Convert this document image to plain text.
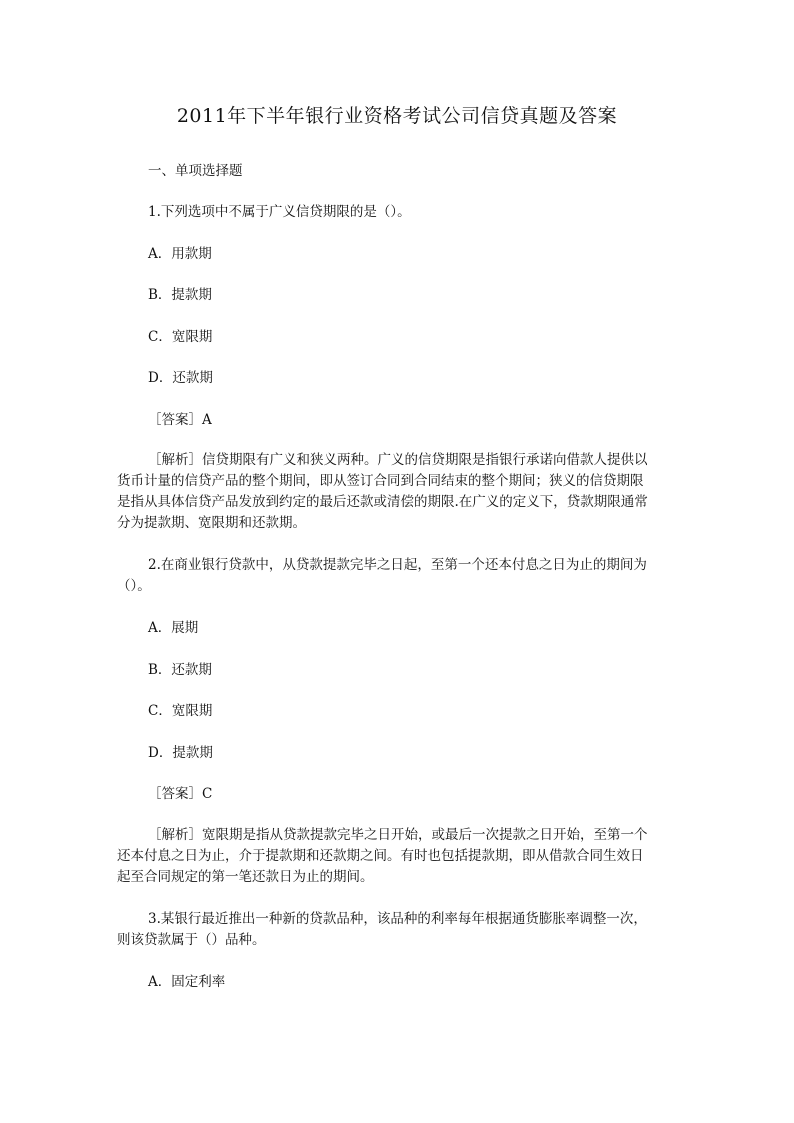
2011年下半年银行业资格考试公司信贷真题及答案

一、单项选择题

1.下列选项中不属于广义信贷期限的是（）。

A．用款期

B．提款期

C．宽限期

D．还款期

［答案］A

［解析］信贷期限有广义和狭义两种。广义的信贷期限是指银行承诺向借款人提供以
货币计量的信贷产品的整个期间，即从签订合同到合同结束的整个期间；狭义的信贷期限
是指从具体信贷产品发放到约定的最后还款或清偿的期限.在广义的定义下，贷款期限通常
分为提款期、宽限期和还款期。
2.在商业银行贷款中，从贷款提款完毕之日起，至第一个还本付息之日为止的期间为
（）。

A．展期

B．还款期

C．宽限期

D．提款期

［答案］C

［解析］宽限期是指从贷款提款完毕之日开始，或最后一次提款之日开始，至第一个
还本付息之日为止，介于提款期和还款期之间。有时也包括提款期，即从借款合同生效日
起至合同规定的第一笔还款日为止的期间。
3.某银行最近推出一种新的贷款品种，该品种的利率每年根据通货膨胀率调整一次，
则该贷款属于（）品种。

A．固定利率
